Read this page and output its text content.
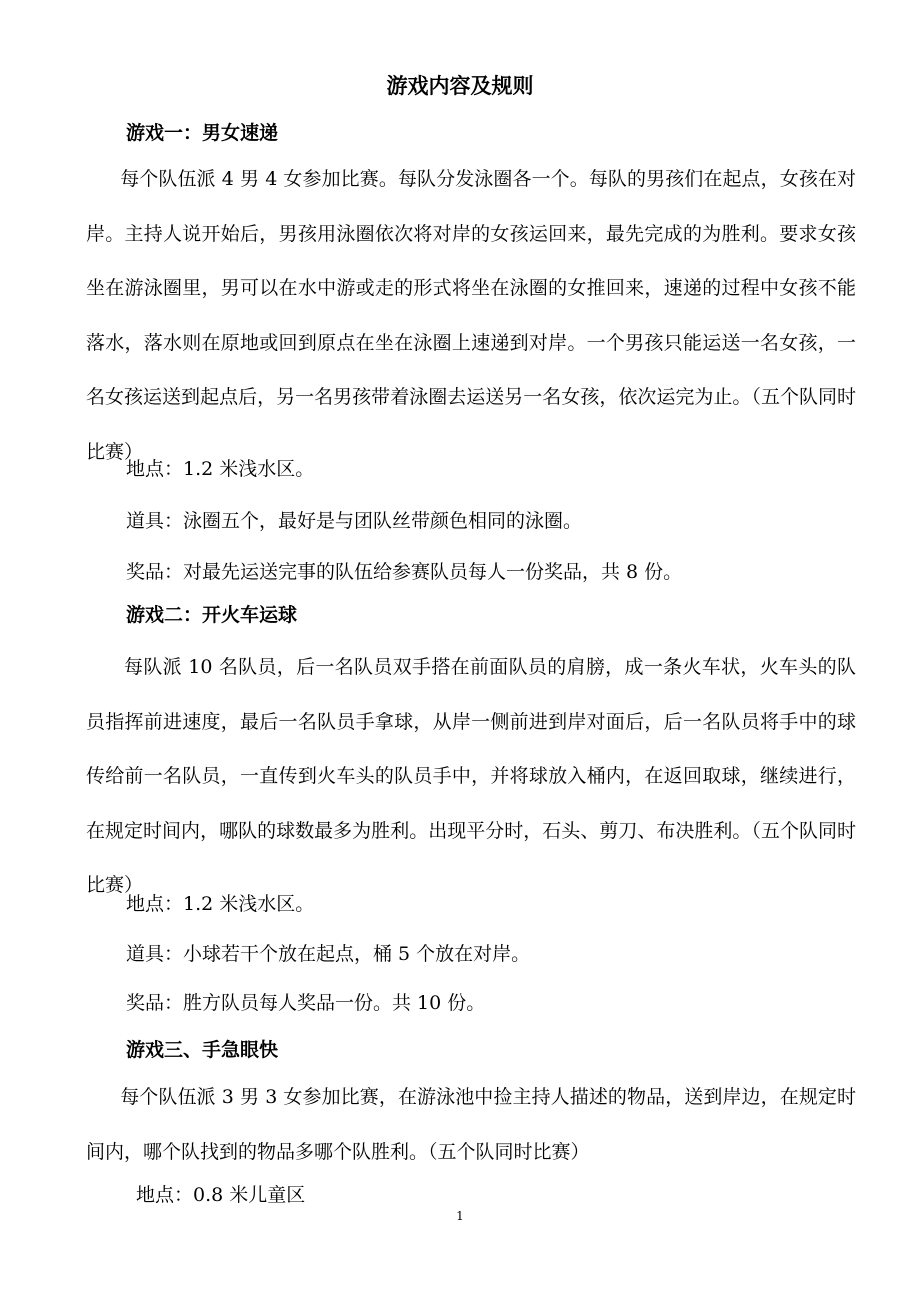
游戏内容及规则
游戏一：男女速递

每个队伍派 4 男 4 女参加比赛。每队分发泳圈各一个。每队的男孩们在起点，女孩在对岸。主持人说开始后，男孩用泳圈依次将对岸的女孩运回来，最先完成的为胜利。要求女孩坐在游泳圈里，男可以在水中游或走的形式将坐在泳圈的女推回来，速递的过程中女孩不能落水，落水则在原地或回到原点在坐在泳圈上速递到对岸。一个男孩只能运送一名女孩，一名女孩运送到起点后，另一名男孩带着泳圈去运送另一名女孩，依次运完为止。（五个队同时比赛）

地点：1.2 米浅水区。
道具：泳圈五个，最好是与团队丝带颜色相同的泳圈。
奖品：对最先运送完事的队伍给参赛队员每人一份奖品，共 8 份。
游戏二：开火车运球

每队派 10 名队员，后一名队员双手搭在前面队员的肩膀，成一条火车状，火车头的队员指挥前进速度，最后一名队员手拿球，从岸一侧前进到岸对面后，后一名队员将手中的球传给前一名队员，一直传到火车头的队员手中，并将球放入桶内，在返回取球，继续进行，在规定时间内，哪队的球数最多为胜利。出现平分时，石头、剪刀、布决胜利。（五个队同时比赛）

地点：1.2 米浅水区。
道具：小球若干个放在起点，桶 5 个放在对岸。
奖品：胜方队员每人奖品一份。共 10 份。
游戏三、手急眼快

每个队伍派 3 男 3 女参加比赛，在游泳池中捡主持人描述的物品，送到岸边，在规定时间内，哪个队找到的物品多哪个队胜利。（五个队同时比赛）

地点：0.8 米儿童区
1
